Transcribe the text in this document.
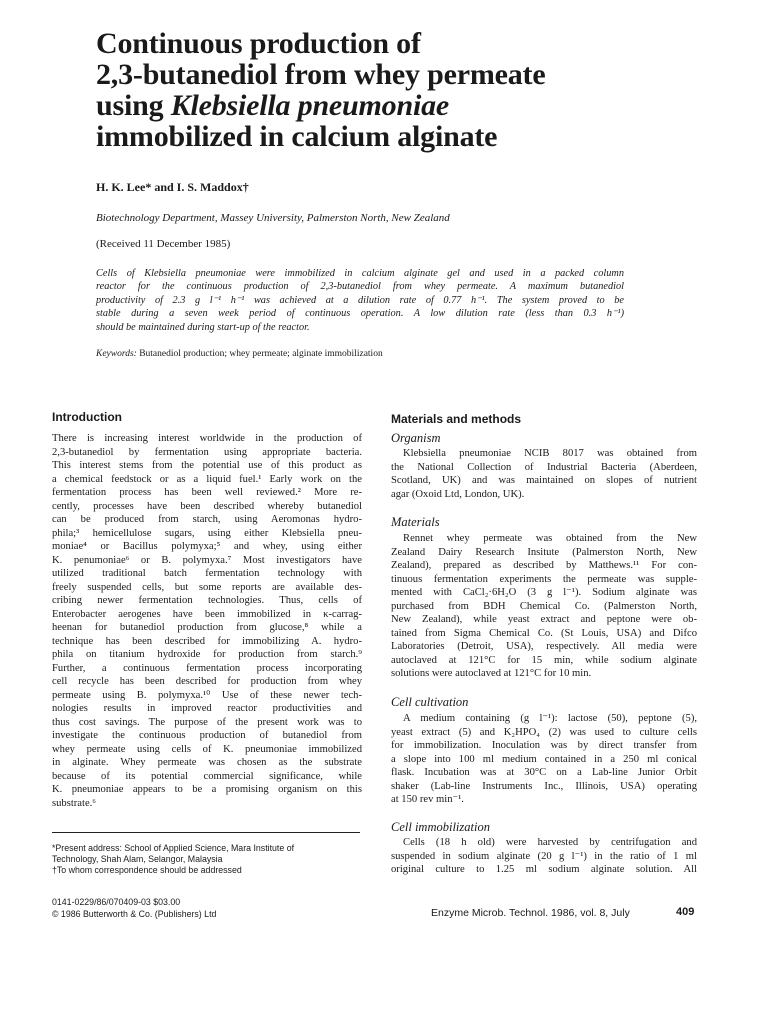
Continuous production of
2,3-butanediol from whey permeate
using Klebsiella pneumoniae
immobilized in calcium alginate
H. K. Lee* and I. S. Maddox†
Biotechnology Department, Massey University, Palmerston North, New Zealand
(Received 11 December 1985)
Cells of Klebsiella pneumoniae were immobilized in calcium alginate gel and used in a packed column
reactor for the continuous production of 2,3-butanediol from whey permeate. A maximum butanediol
productivity of 2.3 g l⁻¹ h⁻¹ was achieved at a dilution rate of 0.77 h⁻¹. The system proved to be
stable during a seven week period of continuous operation. A low dilution rate (less than 0.3 h⁻¹)
should be maintained during start-up of the reactor.
Keywords: Butanediol production; whey permeate; alginate immobilization
Introduction
There is increasing interest worldwide in the production of
2,3-butanediol by fermentation using appropriate bacteria.
This interest stems from the potential use of this product as
a chemical feedstock or as a liquid fuel.¹ Early work on the
fermentation process has been well reviewed.² More re-
cently, processes have been described whereby butanediol
can be produced from starch, using Aeromonas hydro-
phila;³ hemicellulose sugars, using either Klebsiella pneu-
moniae⁴ or Bacillus polymyxa;⁵ and whey, using either
K. penumoniae⁶ or B. polymyxa.⁷ Most investigators have
utilized traditional batch fermentation technology with
freely suspended cells, but some reports are available des-
cribing newer fermentation technologies. Thus, cells of
Enterobacter aerogenes have been immobilized in κ-carrag-
heenan for butanediol production from glucose,⁸ while a
technique has been described for immobilizing A. hydro-
phila on titanium hydroxide for production from starch.⁹
Further, a continuous fermentation process incorporating
cell recycle has been described for production from whey
permeate using B. polymyxa.¹⁰ Use of these newer tech-
nologies results in improved reactor productivities and
thus cost savings. The purpose of the present work was to
investigate the continuous production of butanediol from
whey permeate using cells of K. pneumoniae immobilized
in alginate. Whey permeate was chosen as the substrate
because of its potential commercial significance, while
K. pneumoniae appears to be a promising organism on this
substrate.⁶
Materials and methods
Organism
Klebsiella pneumoniae NCIB 8017 was obtained from
the National Collection of Industrial Bacteria (Aberdeen,
Scotland, UK) and was maintained on slopes of nutrient
agar (Oxoid Ltd, London, UK).
Materials
Rennet whey permeate was obtained from the New
Zealand Dairy Research Insitute (Palmerston North, New
Zealand), prepared as described by Matthews.¹¹ For con-
tinuous fermentation experiments the permeate was supple-
mented with CaCl₂·6H₂O (3 g l⁻¹). Sodium alginate was
purchased from BDH Chemical Co. (Palmerston North,
New Zealand), while yeast extract and peptone were ob-
tained from Sigma Chemical Co. (St Louis, USA) and Difco
Laboratories (Detroit, USA), respectively. All media were
autoclaved at 121°C for 15 min, while sodium alginate
solutions were autoclaved at 121°C for 10 min.
Cell cultivation
A medium containing (g l⁻¹): lactose (50), peptone (5),
yeast extract (5) and K₂HPO₄ (2) was used to culture cells
for immobilization. Inoculation was by direct transfer from
a slope into 100 ml medium contained in a 250 ml conical
flask. Incubation was at 30°C on a Lab-line Junior Orbit
shaker (Lab-line Instruments Inc., Illinois, USA) operating
at 150 rev min⁻¹.
Cell immobilization
Cells (18 h old) were harvested by centrifugation and
suspended in sodium alginate (20 g l⁻¹) in the ratio of 1 ml
original culture to 1.25 ml sodium alginate solution. All
*Present address: School of Applied Science, Mara Institute of
Technology, Shah Alam, Selangor, Malaysia
†To whom correspondence should be addressed
0141-0229/86/070409-03 $03.00
© 1986 Butterworth & Co. (Publishers) Ltd	Enzyme Microb. Technol. 1986, vol. 8, July	409
